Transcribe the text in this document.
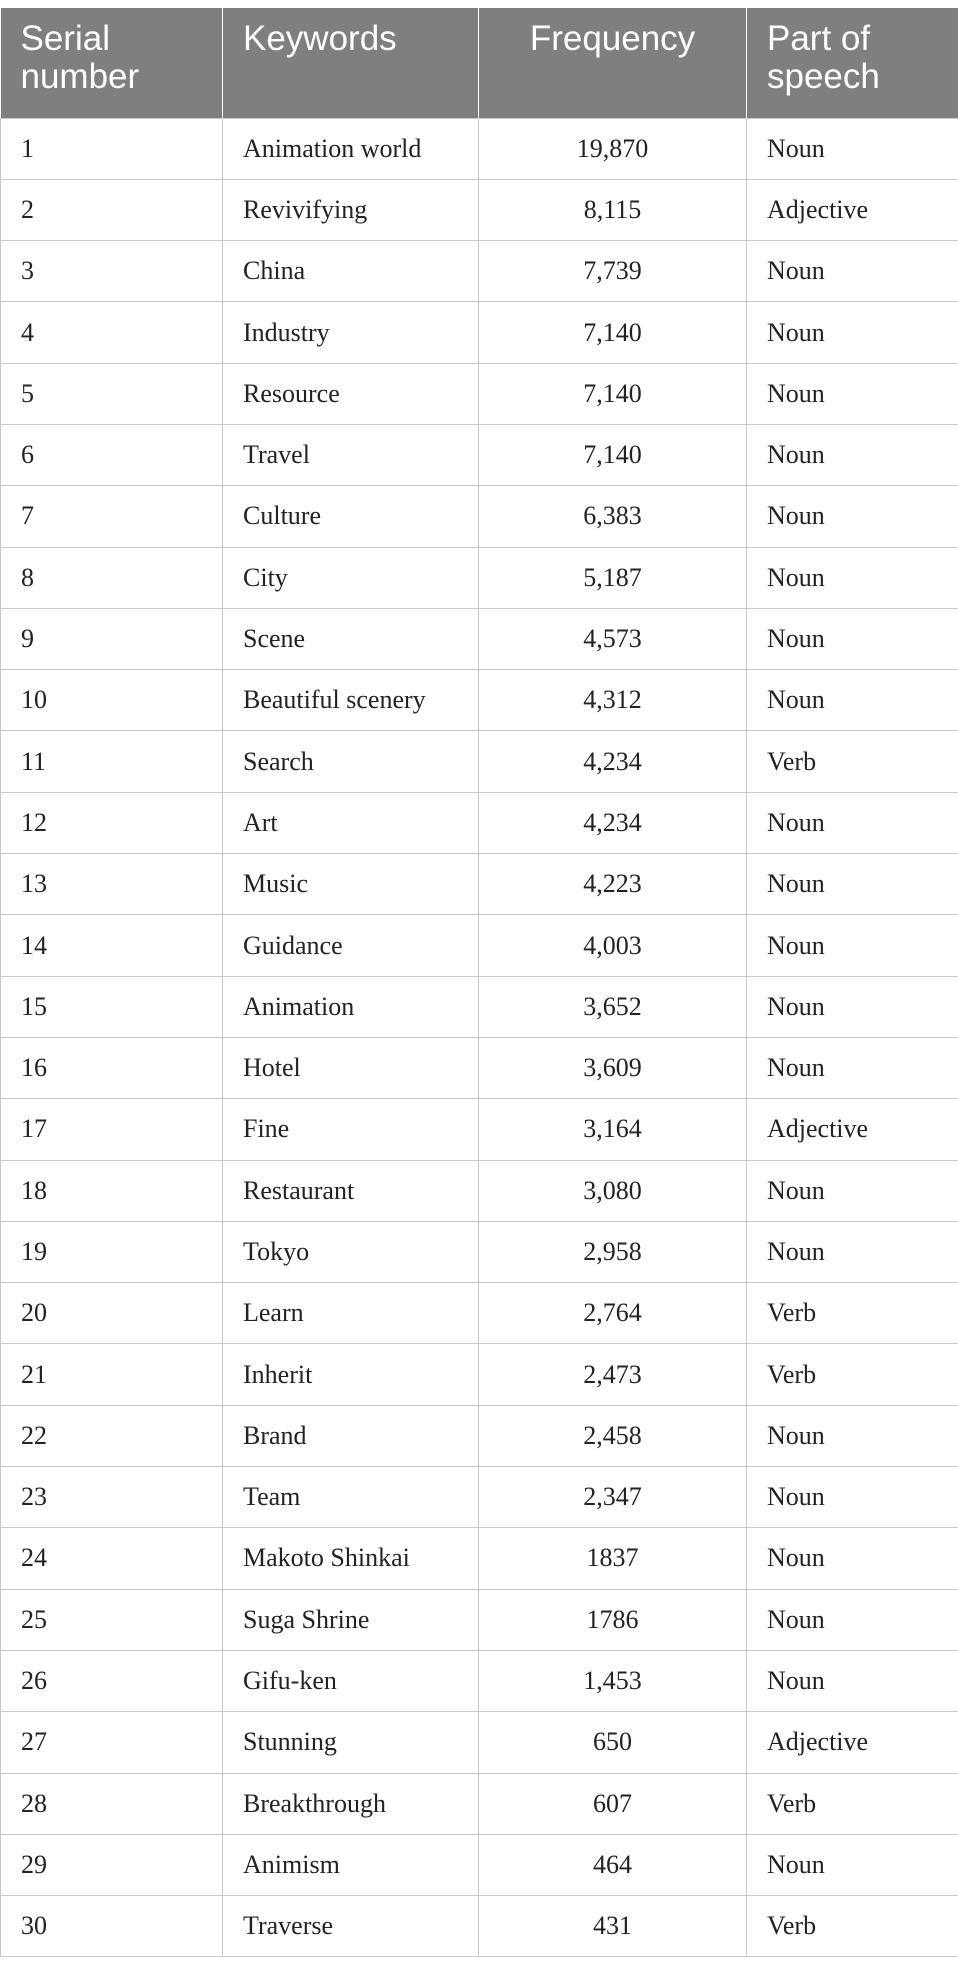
Serial number	Keywords	Frequency	Part of speech
1	Animation world	19,870	Noun
2	Revivifying	8,115	Adjective
3	China	7,739	Noun
4	Industry	7,140	Noun
5	Resource	7,140	Noun
6	Travel	7,140	Noun
7	Culture	6,383	Noun
8	City	5,187	Noun
9	Scene	4,573	Noun
10	Beautiful scenery	4,312	Noun
11	Search	4,234	Verb
12	Art	4,234	Noun
13	Music	4,223	Noun
14	Guidance	4,003	Noun
15	Animation	3,652	Noun
16	Hotel	3,609	Noun
17	Fine	3,164	Adjective
18	Restaurant	3,080	Noun
19	Tokyo	2,958	Noun
20	Learn	2,764	Verb
21	Inherit	2,473	Verb
22	Brand	2,458	Noun
23	Team	2,347	Noun
24	Makoto Shinkai	1837	Noun
25	Suga Shrine	1786	Noun
26	Gifu-ken	1,453	Noun
27	Stunning	650	Adjective
28	Breakthrough	607	Verb
29	Animism	464	Noun
30	Traverse	431	Verb
